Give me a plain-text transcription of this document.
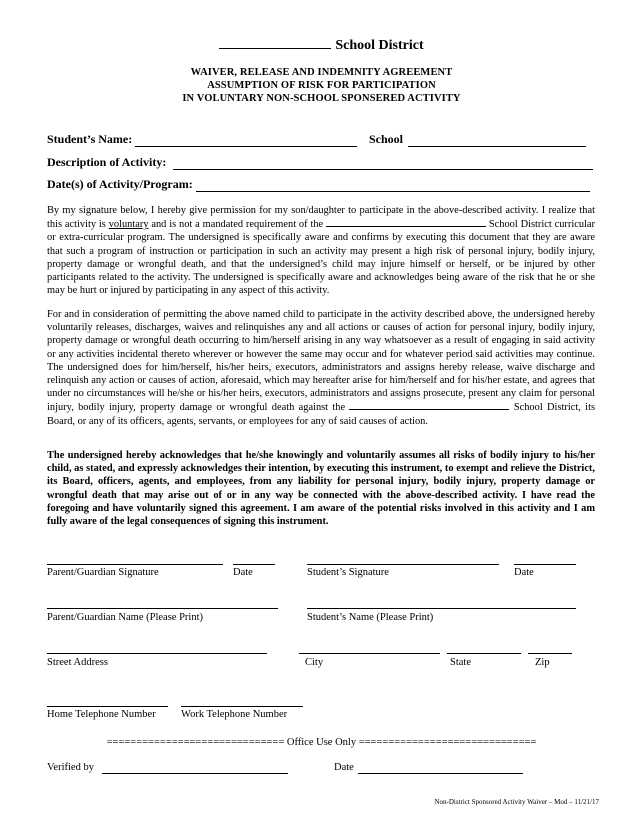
School District
WAIVER, RELEASE AND INDEMNITY AGREEMENT
ASSUMPTION OF RISK FOR PARTICIPATION
IN VOLUNTARY NON-SCHOOL SPONSERED ACTIVITY
Student’s Name:	School
Description of Activity:
Date(s) of Activity/Program:
By my signature below, I hereby give permission for my son/daughter to participate in the above-described activity. I realize that this activity is voluntary and is not a mandated requirement of the	School District curricular or extra-curricular program. The undersigned is specifically aware and confirms by executing this document that they are aware that such a program of instruction or participation in such an activity may present a high risk of personal injury, bodily injury, property damage or wrongful death, and that the undersigned’s child may injure himself or herself, or be injured by other participants related to the activity. The undersigned is specifically aware and acknowledges being aware of the risk that he or she may be hurt or injured by participating in any aspect of this activity.
For and in consideration of permitting the above named child to participate in the activity described above, the undersigned hereby voluntarily releases, discharges, waives and relinquishes any and all actions or causes of action for personal injury, bodily injury, property damage or wrongful death occurring to him/herself arising in any way whatsoever as a result of engaging in said activity or any activities incidental thereto wherever or however the same may occur and for whatever period said activities may continue. The undersigned does for him/herself, his/her heirs, executors, administrators and assigns hereby release, waive discharge and relinquish any action or causes of action, aforesaid, which may hereafter arise for him/herself and for his/her estate, and agrees that under no circumstances will he/she or his/her heirs, executors, administrators and assigns prosecute, present any claim for personal injury, bodily injury, property damage or wrongful death against the	School District, its Board, or any of its officers, agents, servants, or employees for any of said causes of action.
The undersigned hereby acknowledges that he/she knowingly and voluntarily assumes all risks of bodily injury to his/her child, as stated, and expressly acknowledges their intention, by executing this instrument, to exempt and relieve the District, its Board, officers, agents, and employees, from any liability for personal injury, bodily injury, property damage or wrongful death that may arise out of or in any way be connected with the above-described activity. I have read the foregoing and have voluntarily signed this agreement. I am aware of the potential risks involved in this activity and I am fully aware of the legal consequences of signing this instrument.
Parent/Guardian Signature	Date	Student’s Signature	Date
Parent/Guardian Name (Please Print)	Student’s Name (Please Print)
Street Address	City	State	Zip
Home Telephone Number Work Telephone Number
============================== Office Use Only ==============================
Verified by	Date
Non-District Sponsored Activity Waiver – Mod – 11/21/17
